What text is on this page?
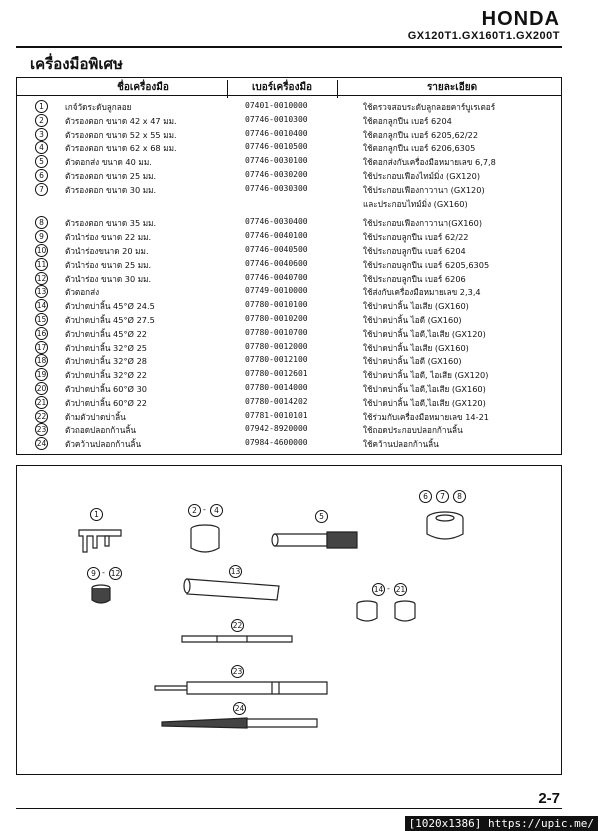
HONDA
GX120T1.GX160T1.GX200T
เครื่องมือพิเศษ
ชื่อเครื่องมือ	เบอร์เครื่องมือ	รายละเอียด
1	เกจ์วัดระดับลูกลอย	07401-0010000	ใช้ตรวจสอบระดับลูกลอยคาร์บูเรเตอร์
2	ตัวรองตอก ขนาด 42 x 47 มม.	07746-0010300	ใช้ตอกลูกปืน เบอร์ 6204
3	ตัวรองตอก ขนาด 52 x 55 มม.	07746-0010400	ใช้ตอกลูกปืน เบอร์ 6205,62/22
4	ตัวรองตอก ขนาด 62 x 68 มม.	07746-0010500	ใช้ตอกลูกปืน เบอร์ 6206,6305
5	ตัวตอกส่ง ขนาด 40 มม.	07746-0030100	ใช้ตอกส่งกับเครื่องมือหมายเลข 6,7,8
6	ตัวรองตอก ขนาด 25 มม.	07746-0030200	ใช้ประกอบเฟืองไทม์มิ่ง (GX120)
7	ตัวรองตอก ขนาด 30 มม.	07746-0030300	ใช้ประกอบเฟืองกาวานา (GX120)
และประกอบไทม์มิ่ง (GX160)
8	ตัวรองตอก ขนาด 35 มม.	07746-0030400	ใช้ประกอบเฟืองกาวานา(GX160)
9	ตัวนำร่อง ขนาด 22 มม.	07746-0040100	ใช้ประกอบลูกปืน เบอร์ 62/22
10 ตัวนำร่องขนาด 20 มม.	07746-0040500	ใช้ประกอบลูกปืน เบอร์ 6204
11 ตัวนำร่อง ขนาด 25 มม.	07746-0040600	ใช้ประกอบลูกปืน เบอร์ 6205,6305
12 ตัวนำร่อง ขนาด 30 มม.	07746-0040700	ใช้ประกอบลูกปืน เบอร์ 6206
13 ตัวตอกส่ง	07749-0010000	ใช้ส่งกับเครื่องมือหมายเลข 2,3,4
14 ตัวปาดบ่าลิ้น 45°Ø 24.5	07780-0010100	ใช้ปาดบ่าลิ้น ไอเสีย (GX160)
15 ตัวปาดบ่าลิ้น 45°Ø 27.5	07780-0010200	ใช้ปาดบ่าลิ้น ไอดี (GX160)
16 ตัวปาดบ่าลิ้น 45°Ø 22	07780-0010700	ใช้ปาดบ่าลิ้น ไอดี,ไอเสีย (GX120)
17 ตัวปาดบ่าลิ้น 32°Ø 25	07780-0012000	ใช้ปาดบ่าลิ้น ไอเสีย (GX160)
18 ตัวปาดบ่าลิ้น 32°Ø 28	07780-0012100	ใช้ปาดบ่าลิ้น ไอดี (GX160)
19 ตัวปาดบ่าลิ้น 32°Ø 22	07780-0012601	ใช้ปาดบ่าลิ้น ไอดี, ไอเสีย (GX120)
20 ตัวปาดบ่าลิ้น 60°Ø 30	07780-0014000	ใช้ปาดบ่าลิ้น ไอดี,ไอเสีย (GX160)
21 ตัวปาดบ่าลิ้น 60°Ø 22	07780-0014202	ใช้ปาดบ่าลิ้น ไอดี,ไอเสีย (GX120)
22 ด้ามตัวปาดบ่าลิ้น	07781-0010101	ใช้ร่วมกับเครื่องมือหมายเลข 14-21
23 ตัวถอดปลอกก้านลิ้น	07942-8920000	ใช้ถอดประกอบปลอกก้านลิ้น
24 ตัวคว้านปลอกก้านลิ้น	07984-4600000	ใช้คว้านปลอกก้านลิ้น
1	2 -	4
5
6	7	8
9 - 12	13
14 - 21
22
23
24
2-7
[1020x1386] https://upic.me/
